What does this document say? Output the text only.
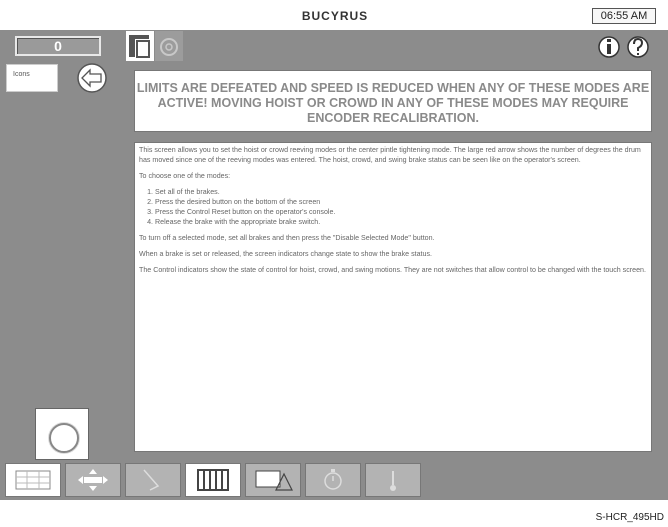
BUCYRUS	06:55 AM
0
Icons
LIMITS ARE DEFEATED AND SPEED IS REDUCED WHEN ANY OF THESE MODES ARE ACTIVE! MOVING HOIST OR CROWD IN ANY OF THESE MODES MAY REQUIRE ENCODER RECALIBRATION.

This screen allows you to set the hoist or crowd reeving modes or the center pintle tightening mode. The large red arrow shows the number of degrees the drum has moved since one of the reeving modes was entered. The hoist, crowd, and swing brake status can be seen like on the operator's screen.

To choose one of the modes:

1. Set all of the brakes.
2. Press the desired button on the bottom of the screen
3. Press the Control Reset button on the operator's console.
4. Release the brake with the appropriate brake switch.

To turn off a selected mode, set all brakes and then press the "Disable Selected Mode" button.

When a brake is set or released, the screen indicators change state to show the brake status.

The Control indicators show the state of control for hoist, crowd, and swing motions. They are not switches that allow control to be changed with the touch screen.

S-HCR_495HD
